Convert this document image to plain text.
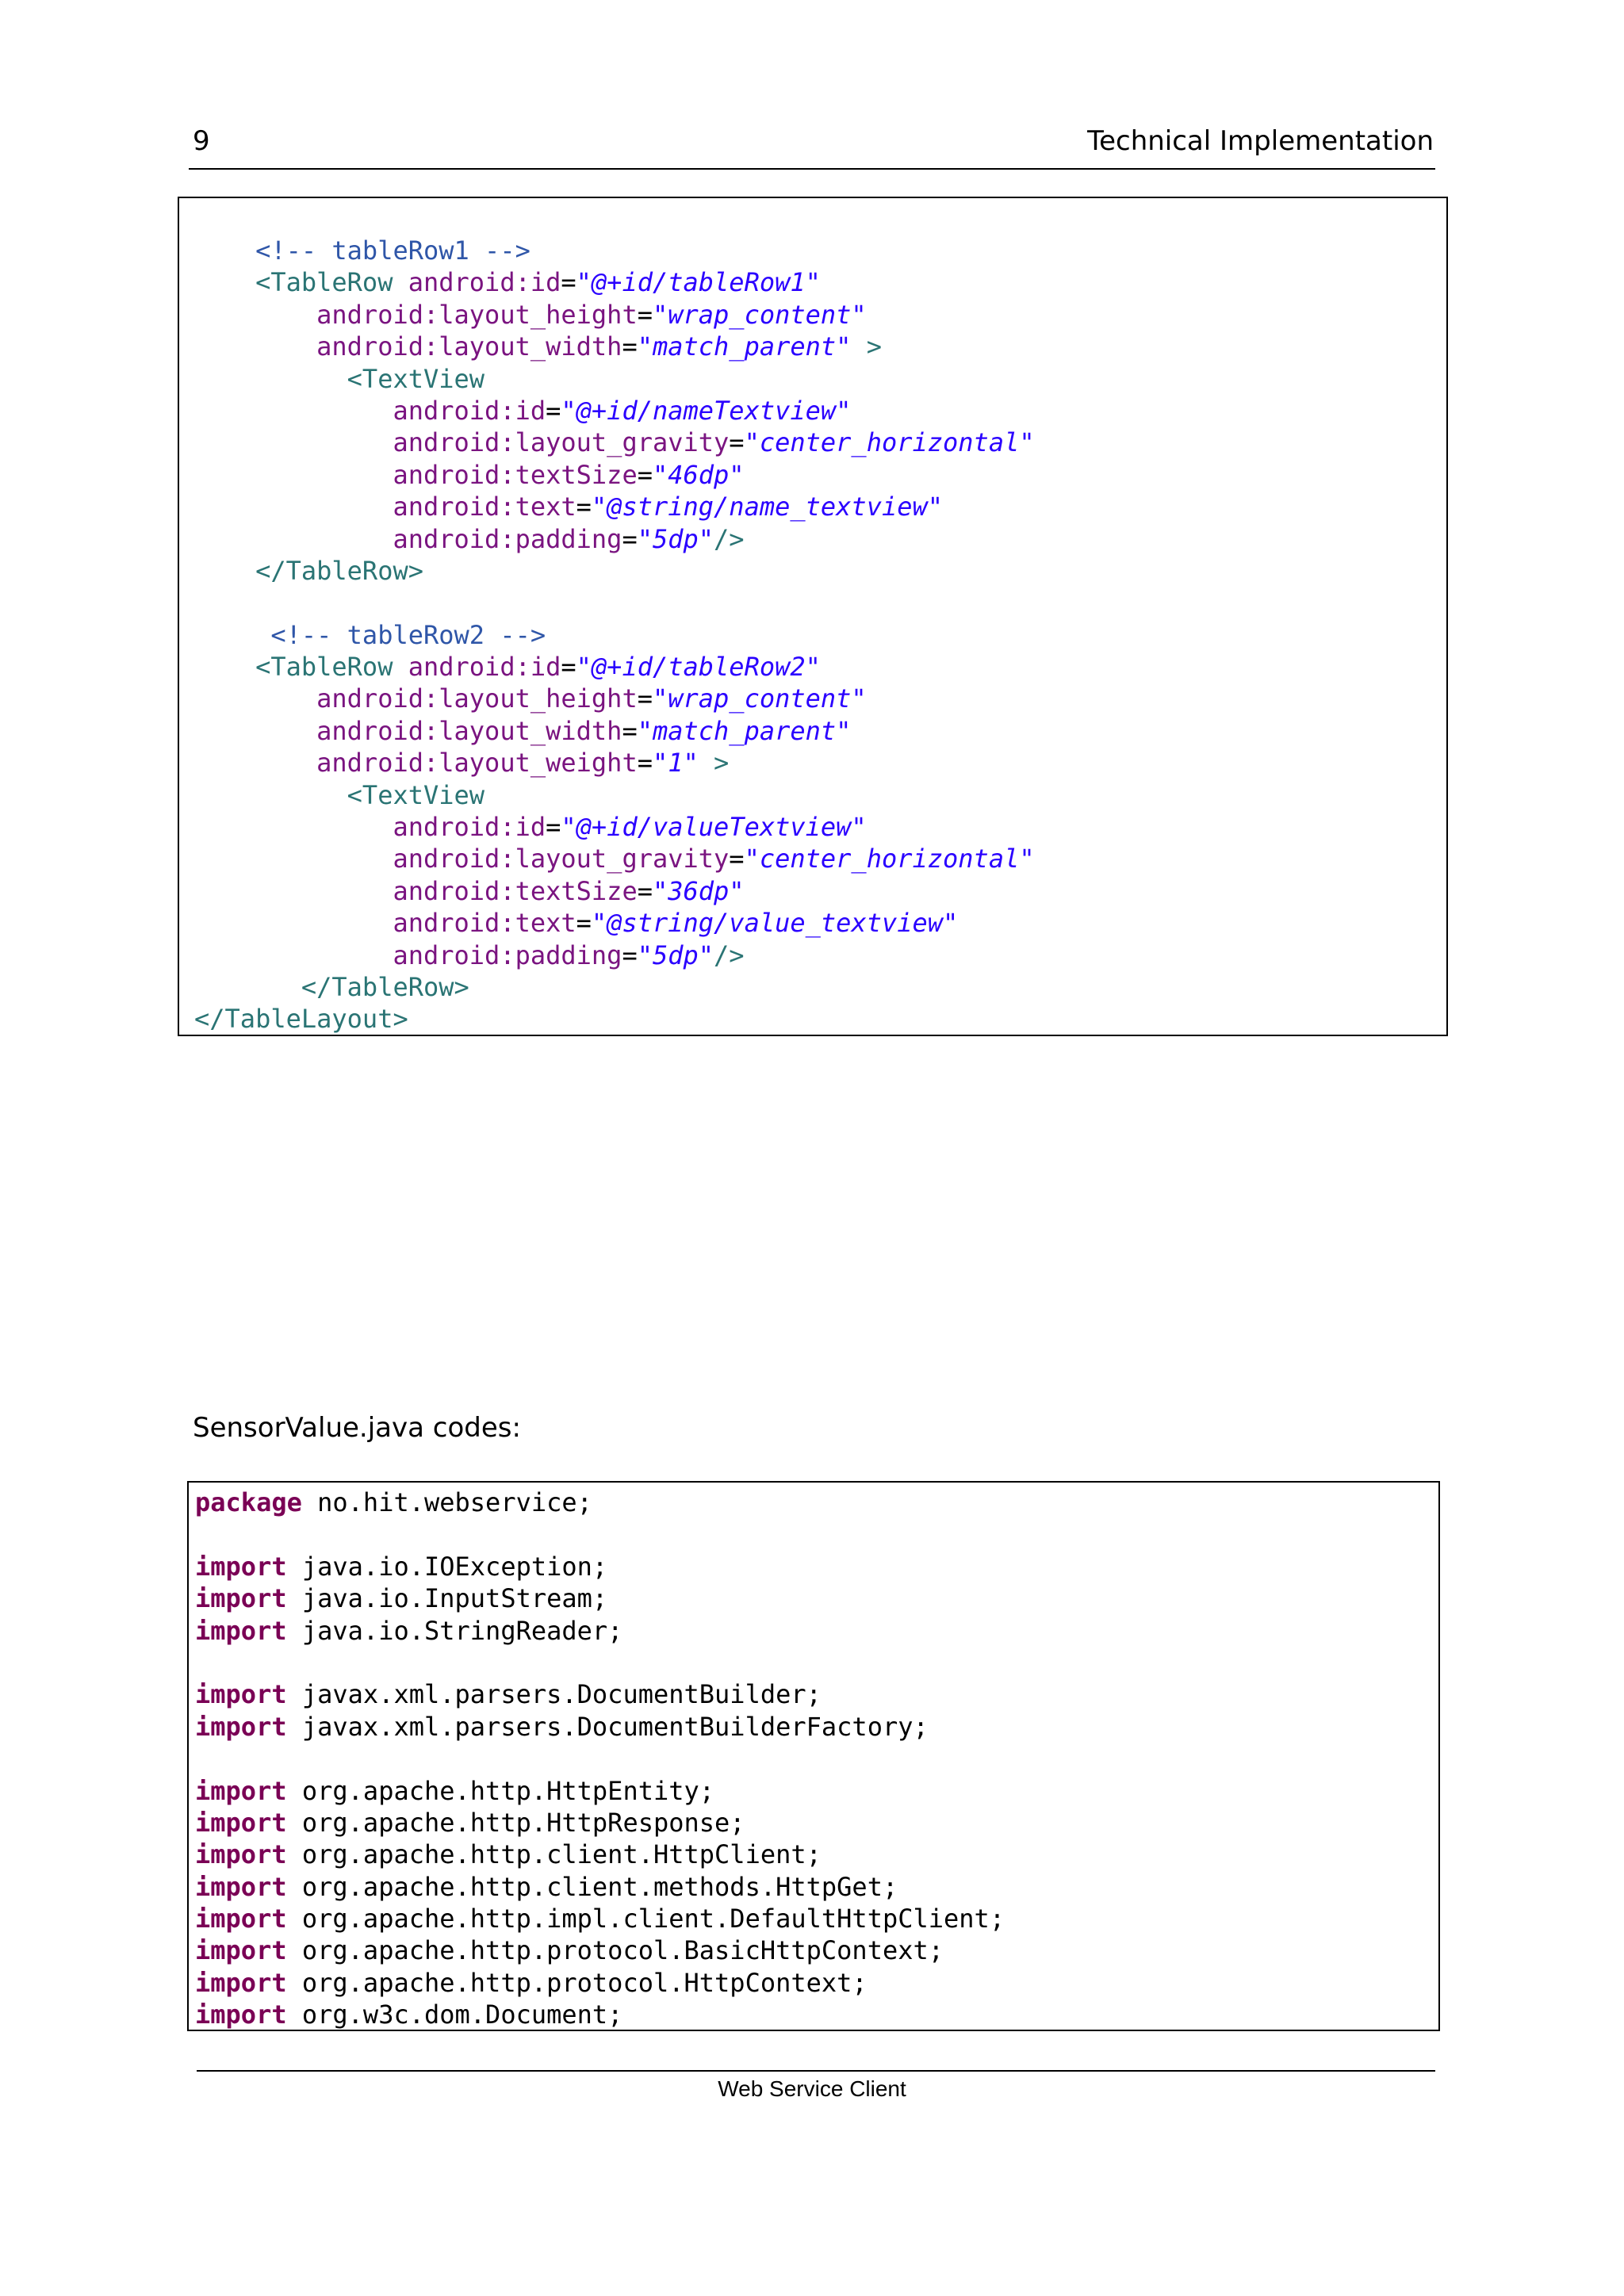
9	Technical Implementation
<!-- tableRow1 -->
<TableRow android:id="@+id/tableRow1"
android:layout_height="wrap_content"
android:layout_width="match_parent" >
<TextView
android:id="@+id/nameTextview"
android:layout_gravity="center_horizontal"
android:textSize="46dp"
android:text="@string/name_textview"
android:padding="5dp"/>
</TableRow>
<!-- tableRow2 -->
<TableRow android:id="@+id/tableRow2"
android:layout_height="wrap_content"
android:layout_width="match_parent"
android:layout_weight="1" >
<TextView
android:id="@+id/valueTextview"
android:layout_gravity="center_horizontal"
android:textSize="36dp"
android:text="@string/value_textview"
android:padding="5dp"/>
</TableRow>
</TableLayout>
SensorValue.java codes:
package no.hit.webservice;
import java.io.IOException;
import java.io.InputStream;
import java.io.StringReader;
import javax.xml.parsers.DocumentBuilder;
import javax.xml.parsers.DocumentBuilderFactory;
import org.apache.http.HttpEntity;
import org.apache.http.HttpResponse;
import org.apache.http.client.HttpClient;
import org.apache.http.client.methods.HttpGet;
import org.apache.http.impl.client.DefaultHttpClient;
import org.apache.http.protocol.BasicHttpContext;
import org.apache.http.protocol.HttpContext;
import org.w3c.dom.Document;
Web Service Client
